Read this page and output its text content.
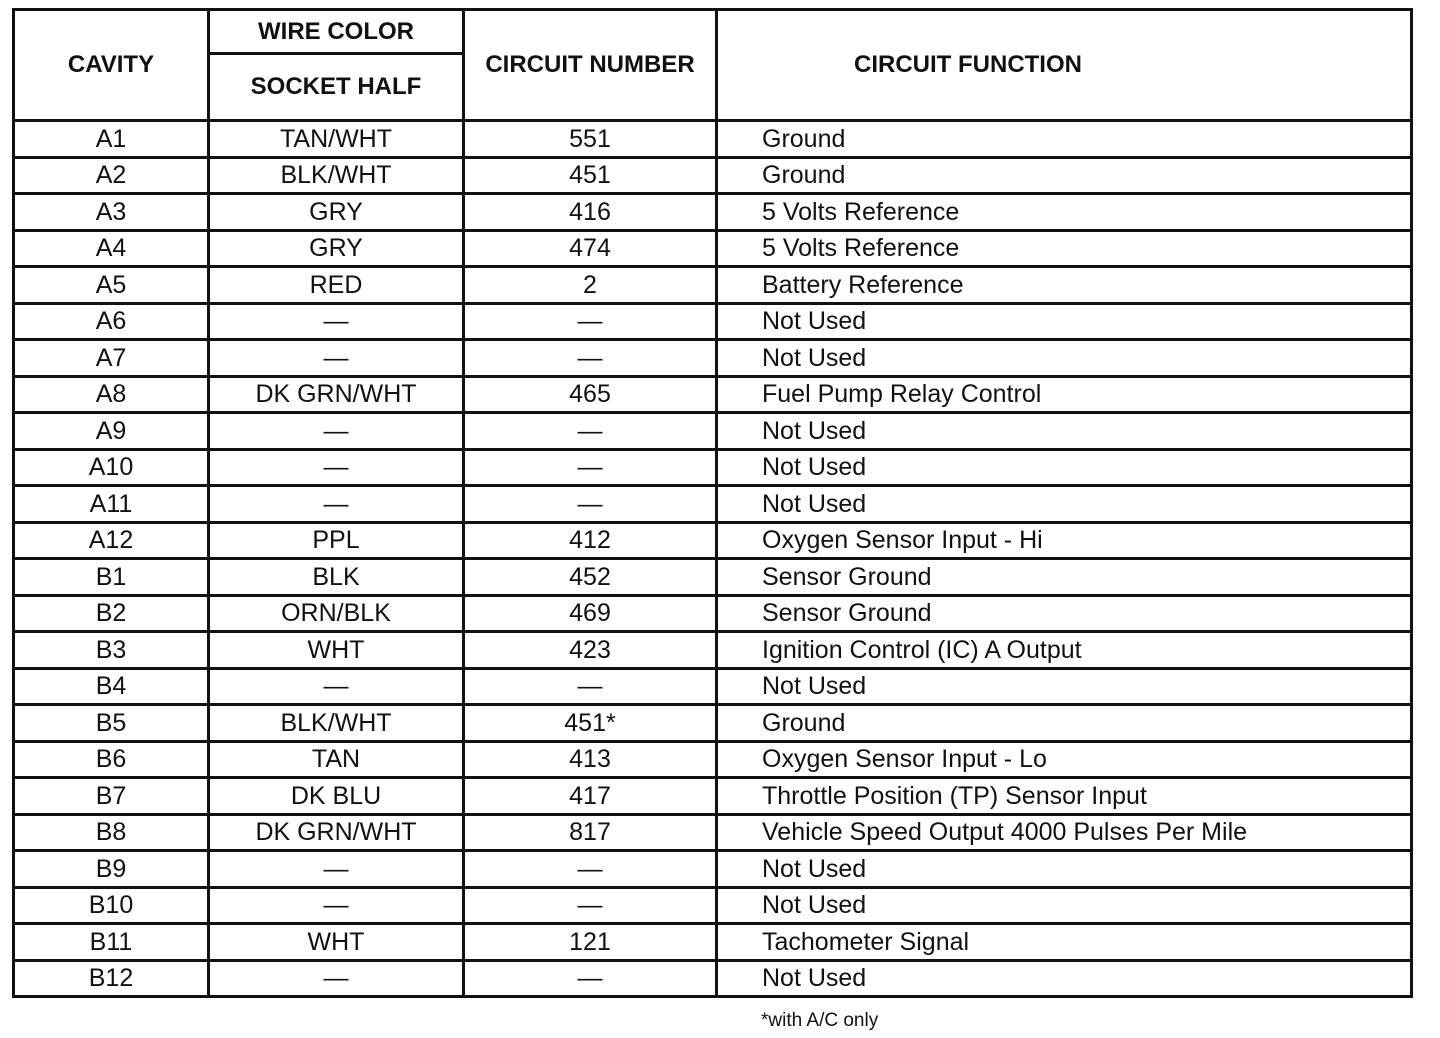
CAVITY	WIRE COLOR	CIRCUIT NUMBER	CIRCUIT FUNCTION
	SOCKET HALF		
A1	TAN/WHT	551	Ground
A2	BLK/WHT	451	Ground
A3	GRY	416	5 Volts Reference
A4	GRY	474	5 Volts Reference
A5	RED	2	Battery Reference
A6	—	—	Not Used
A7	—	—	Not Used
A8	DK GRN/WHT	465	Fuel Pump Relay Control
A9	—	—	Not Used
A10	—	—	Not Used
A11	—	—	Not Used
A12	PPL	412	Oxygen Sensor Input - Hi
B1	BLK	452	Sensor Ground
B2	ORN/BLK	469	Sensor Ground
B3	WHT	423	Ignition Control (IC) A Output
B4	—	—	Not Used
B5	BLK/WHT	451*	Ground
B6	TAN	413	Oxygen Sensor Input - Lo
B7	DK BLU	417	Throttle Position (TP) Sensor Input
B8	DK GRN/WHT	817	Vehicle Speed Output 4000 Pulses Per Mile
B9	—	—	Not Used
B10	—	—	Not Used
B11	WHT	121	Tachometer Signal
B12	—	—	Not Used
*with A/C only
